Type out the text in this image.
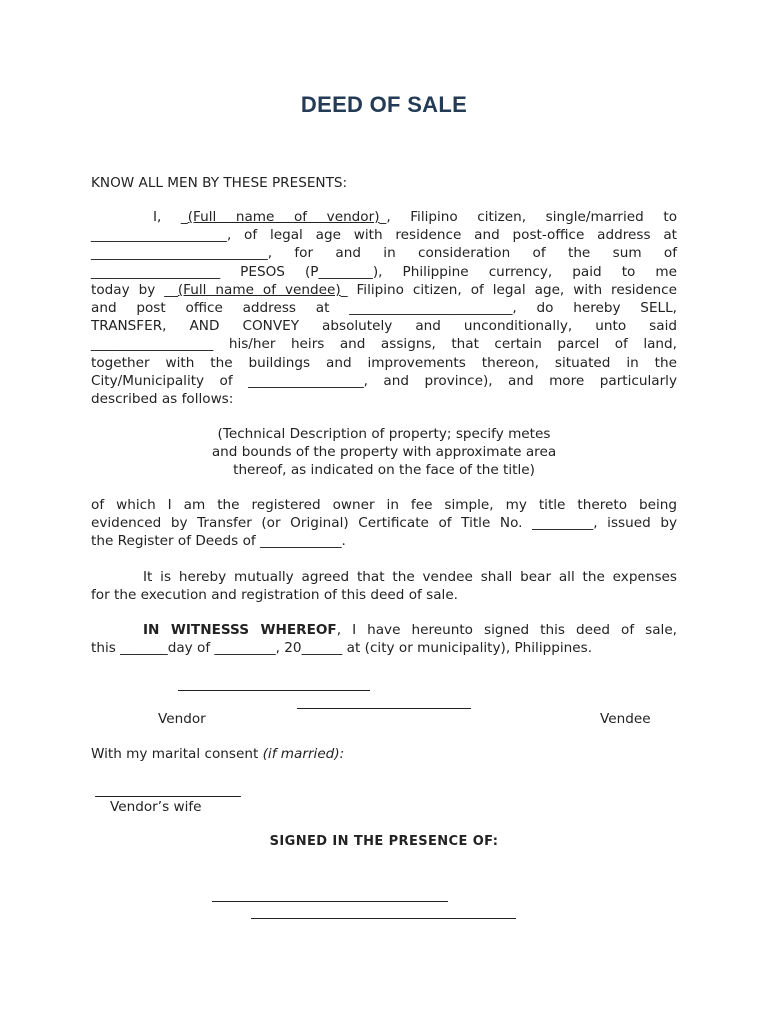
DEED OF SALE
KNOW ALL MEN BY THESE PRESENTS:
I, _(Full name of vendor)_, Filipino citizen, single/married to
____________________, of legal age with residence and post-office address at
__________________________, for and in consideration of the sum of
___________________ PESOS (P________), Philippine currency, paid to me
today by __(Full name of vendee)_ Filipino citizen, of legal age, with residence
and post office address at ________________________, do hereby SELL,
TRANSFER, AND CONVEY absolutely and unconditionally, unto said
__________________ his/her heirs and assigns, that certain parcel of land,
together with the buildings and improvements thereon, situated in the
City/Municipality of _________________, and province), and more particularly
described as follows:
(Technical Description of property; specify metes
and bounds of the property with approximate area
thereof, as indicated on the face of the title)
of which I am the registered owner in fee simple, my title thereto being
evidenced by Transfer (or Original) Certificate of Title No. _________, issued by
the Register of Deeds of ____________.
It is hereby mutually agreed that the vendee shall bear all the expenses
for the execution and registration of this deed of sale.
IN WITNESSS WHEREOF, I have hereunto signed this deed of sale,
this _______day of _________, 20______ at (city or municipality), Philippines.
Vendor	Vendee
With my marital consent (if married):
Vendor’s wife
SIGNED IN THE PRESENCE OF:
